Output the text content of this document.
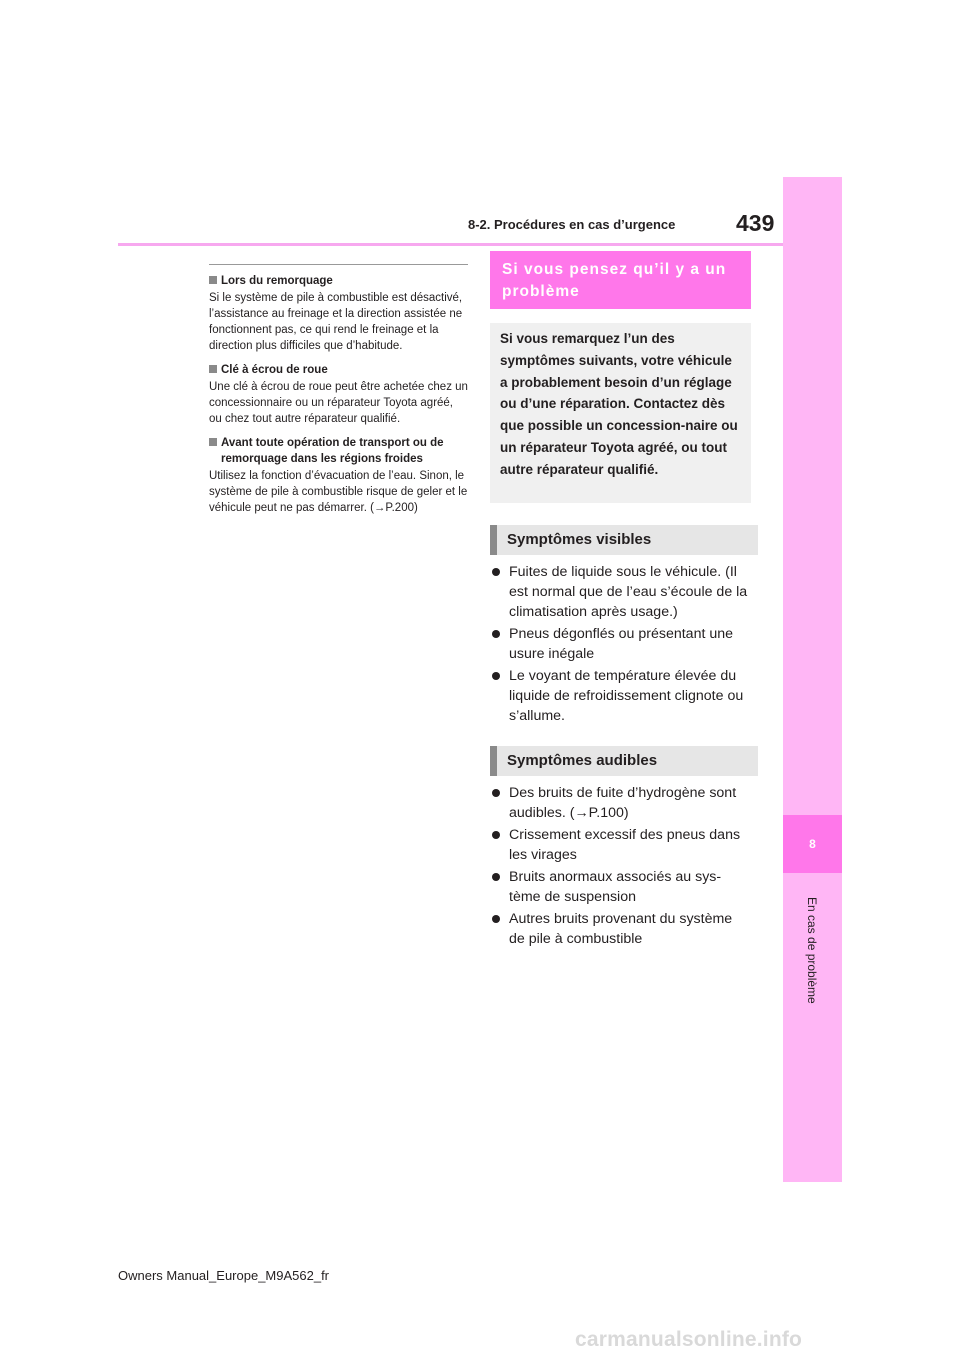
8-2. Procédures en cas d’urgence	439
8
En cas de problème
Lors du remorquage
Si le système de pile à combustible est désactivé, l’assistance au freinage et la direction assistée ne fonctionnent pas, ce qui rend le freinage et la direction plus difficiles que d’habitude.
Clé à écrou de roue
Une clé à écrou de roue peut être achetée chez un concessionnaire ou un réparateur Toyota agréé, ou chez tout autre réparateur qualifié.
Avant toute opération de transport ou de remorquage dans les régions froides
Utilisez la fonction d’évacuation de l’eau. Sinon, le système de pile à combustible risque de geler et le véhicule peut ne pas démarrer. (→P.200)
Si vous pensez qu’il y a un problème
Si vous remarquez l’un des symptômes suivants, votre véhicule a probablement besoin d’un réglage ou d’une réparation. Contactez dès que possible un concession-naire ou un réparateur Toyota agréé, ou tout autre réparateur qualifié.
Symptômes visibles
Fuites de liquide sous le véhicule. (Il est normal que de l’eau s’écoule de la climatisation après usage.)
Pneus dégonflés ou présentant une usure inégale
Le voyant de température élevée du liquide de refroidissement clignote ou s’allume.
Symptômes audibles
Des bruits de fuite d’hydrogène sont audibles. (→P.100)
Crissement excessif des pneus dans les virages
Bruits anormaux associés au sys-tème de suspension
Autres bruits provenant du système de pile à combustible
Owners Manual_Europe_M9A562_fr
carmanualsonline.info
